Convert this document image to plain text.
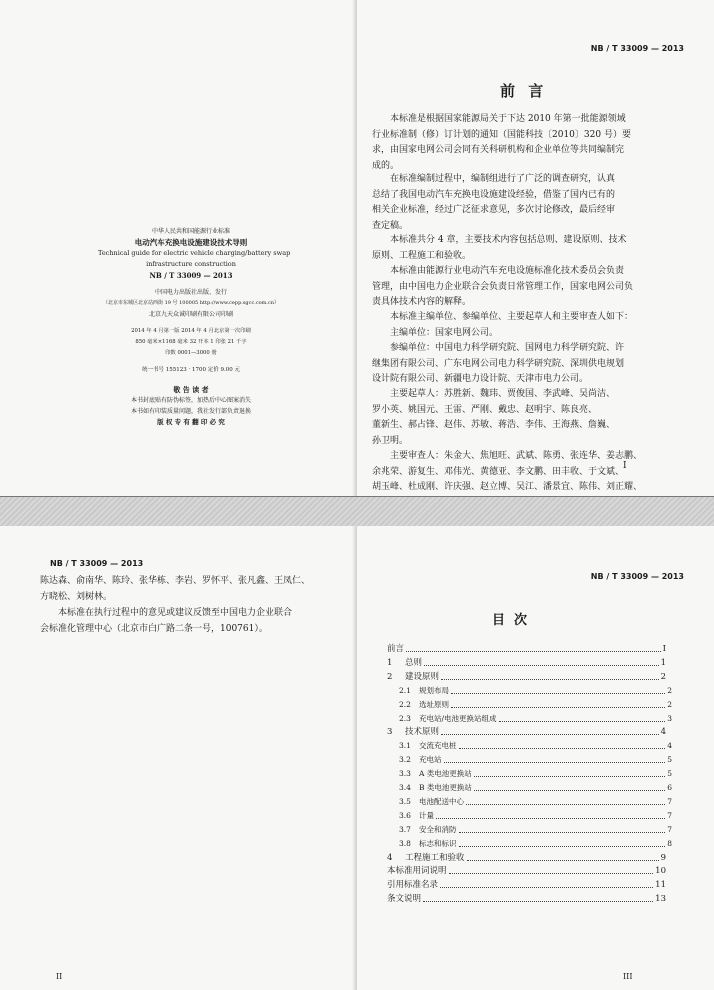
中华人民共和国能源行业标准
电动汽车充换电设施建设技术导则
Technical guide for electric vehicle charging/battery swap
infrastructure construction
NB / T 33009 — 2013
中国电力出版社出版、发行
（北京市东城区北京站西街 19 号 100005 http://www.cepp.sgcc.com.cn）
北京九天众诚印刷有限公司印刷
2014 年 4 月第一版 2014 年 4 月北京第一次印刷
850 毫米×1168 毫米 32 开本 1 印张 21 千字
印数 0001—3000 册
统一书号 155123 · 1700 定价 9.00 元
敬 告 读 者
本书封底贴有防伪标签，加热后中心图案消失
本书如有印装质量问题，我社发行部负责退换
版 权 专 有 翻 印 必 究
NB / T 33009 — 2013
前 言
本标准是根据国家能源局关于下达 2010 年第一批能源领域
行业标准制（修）订计划的通知（国能科技〔2010〕320 号）要
求，由国家电网公司会同有关科研机构和企业单位等共同编制完
成的。
在标准编制过程中，编制组进行了广泛的调查研究，认真
总结了我国电动汽车充换电设施建设经验，借鉴了国内已有的
相关企业标准，经过广泛征求意见，多次讨论修改，最后经审
查定稿。
本标准共分 4 章，主要技术内容包括总则、建设原则、技术
原则、工程施工和验收。
本标准由能源行业电动汽车充电设施标准化技术委员会负责
管理，由中国电力企业联合会负责日常管理工作，国家电网公司负
责具体技术内容的解释。
本标准主编单位、参编单位、主要起草人和主要审查人如下：
主编单位：国家电网公司。
参编单位：中国电力科学研究院、国网电力科学研究院、许
继集团有限公司、广东电网公司电力科学研究院、深圳供电规划
设计院有限公司、新疆电力设计院、天津市电力公司。
主要起草人：苏胜新、魏玮、贾俊国、李武峰、吴尚洁、
罗小英、姚国元、王雷、严刚、戴忠、赵明宇、陈良亮、
董新生、郝占锋、赵伟、苏敏、蒋浩、李伟、王海燕、詹巍、
孙卫明。
主要审查人：朱金大、焦旭旺、武斌、陈勇、张连华、姜志鹏、
余兆荣、游复生、邓伟光、黄德亚、李文鹏、田丰收、于文斌、
胡玉峰、杜成刚、许庆强、赵立博、吴江、潘景宜、陈伟、刘正耀、
I
NB / T 33009 — 2013
陈达森、俞南华、陈玲、张华栋、李岩、罗怀平、张凡鑫、王凤仁、
方晓松、刘树林。
本标准在执行过程中的意见或建议反馈至中国电力企业联合
会标准化管理中心（北京市白广路二条一号，100761）。
II
NB / T 33009 — 2013
目  次
前言	Ⅰ
1 总则	1
2 建设原则	2
2.1 规划布局	2
2.2 选址原则	2
2.3 充电站/电池更换站组成	3
3 技术原则	4
3.1 交流充电桩	4
3.2 充电站	5
3.3 A 类电池更换站	5
3.4 B 类电池更换站	6
3.5 电池配送中心	7
3.6 计量	7
3.7 安全和消防	7
3.8 标志和标识	8
4 工程施工和验收	9
本标准用词说明	10
引用标准名录	11
条文说明	13
III
